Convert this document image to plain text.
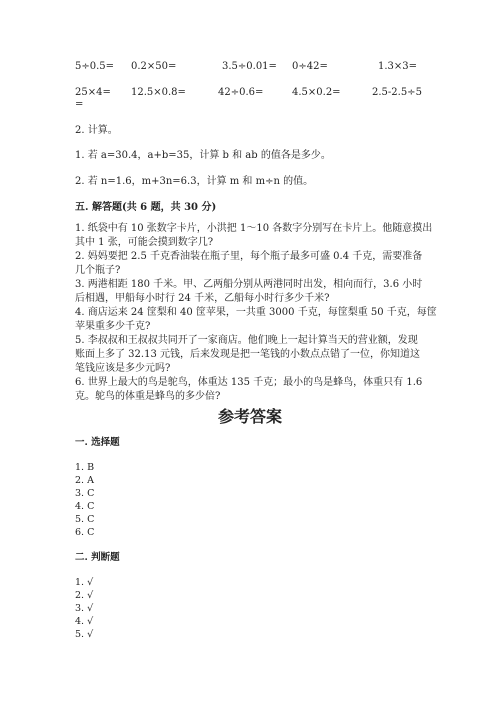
5÷0.5= 0.2×50=	3.5÷0.01= 0÷42=	1.3×3=
25×4= 12.5×0.8=	42÷0.6=	4.5×0.2=	2.5-2.5÷5
=
2. 计算。
1. 若 a=30.4，a+b=35，计算 b 和 ab 的值各是多少。
2. 若 n=1.6，m+3n=6.3，计算 m 和 m÷n 的值。
五. 解答题(共 6 题，共 30 分)
1. 纸袋中有 10 张数字卡片，小洪把 1～10 各数字分别写在卡片上。他随意摸出
其中 1 张，可能会摸到数字几?
2. 妈妈要把 2.5 千克香油装在瓶子里，每个瓶子最多可盛 0.4 千克，需要准备
几个瓶子?
3. 两港相距 180 千米。甲、乙两船分别从两港同时出发，相向而行，3.6 小时
后相遇，甲船每小时行 24 千米，乙船每小时行多少千米?
4. 商店运来 24 筐梨和 40 筐苹果，一共重 3000 千克，每筐梨重 50 千克，每筐
苹果重多少千克?
5. 李叔叔和王叔叔共同开了一家商店。他们晚上一起计算当天的营业额，发现
账面上多了 32.13 元钱，后来发现是把一笔钱的小数点点错了一位，你知道这
笔钱应该是多少元吗?
6. 世界上最大的鸟是鸵鸟，体重达 135 千克；最小的鸟是蜂鸟，体重只有 1.6
克。鸵鸟的体重是蜂鸟的多少倍?
参考答案
一. 选择题
1. B
2. A
3. C
4. C
5. C
6. C
二. 判断题
1. √
2. √
3. √
4. √
5. √
